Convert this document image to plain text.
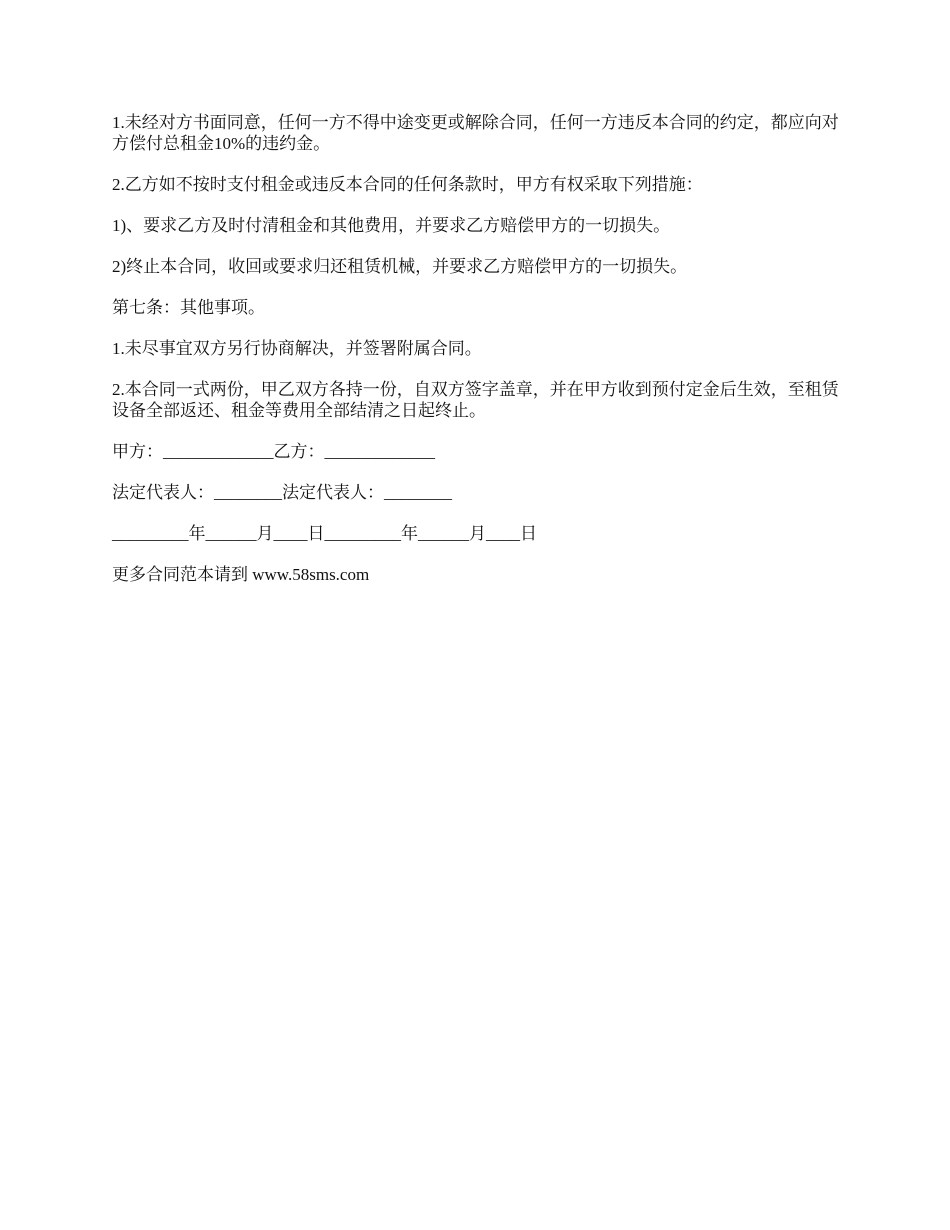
1.未经对方书面同意，任何一方不得中途变更或解除合同，任何一方违反本合同的约定，都应向对方偿付总租金10%的违约金。

2.乙方如不按时支付租金或违反本合同的任何条款时，甲方有权采取下列措施：

1)、要求乙方及时付清租金和其他费用，并要求乙方赔偿甲方的一切损失。

2)终止本合同，收回或要求归还租赁机械，并要求乙方赔偿甲方的一切损失。

第七条：其他事项。

1.未尽事宜双方另行协商解决，并签署附属合同。

2.本合同一式两份，甲乙双方各持一份，自双方签字盖章，并在甲方收到预付定金后生效，至租赁设备全部返还、租金等费用全部结清之日起终止。

甲方：_____________乙方：_____________

法定代表人：________法定代表人：________

_________年______月____日_________年______月____日

更多合同范本请到 www.58sms.com
